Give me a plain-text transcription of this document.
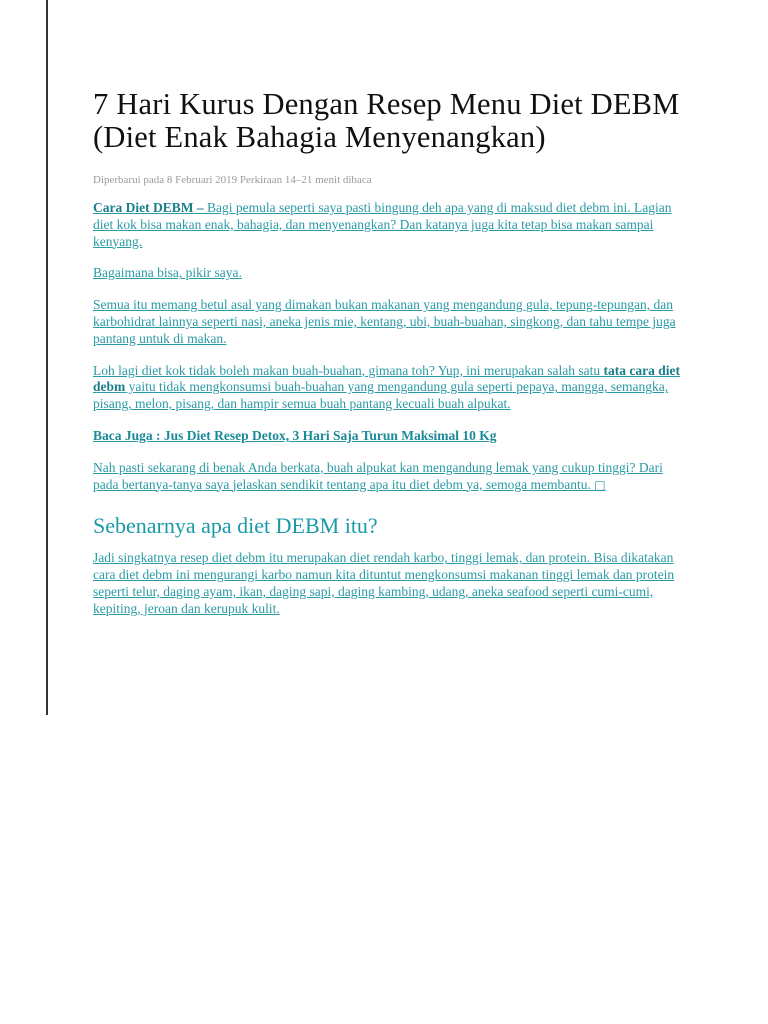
7 Hari Kurus Dengan Resep Menu Diet DEBM (Diet Enak Bahagia Menyenangkan)
Diperbarui pada 8 Februari 2019 Perkiraan 14–21 menit dibaca

Cara Diet DEBM – Bagi pemula seperti saya pasti bingung deh apa yang di maksud diet debm ini. Lagian diet kok bisa makan enak, bahagia, dan menyenangkan? Dan katanya juga kita tetap bisa makan sampai kenyang.

Bagaimana bisa, pikir saya.

Semua itu memang betul asal yang dimakan bukan makanan yang mengandung gula, tepung-tepungan, dan karbohidrat lainnya seperti nasi, aneka jenis mie, kentang, ubi, buah-buahan, singkong, dan tahu tempe juga pantang untuk di makan.

Loh lagi diet kok tidak boleh makan buah-buahan, gimana toh? Yup, ini merupakan salah satu tata cara diet debm yaitu tidak mengkonsumsi buah-buahan yang mengandung gula seperti pepaya, mangga, semangka, pisang, melon, pisang, dan hampir semua buah pantang kecuali buah alpukat.

Baca Juga : Jus Diet Resep Detox, 3 Hari Saja Turun Maksimal 10 Kg

Nah pasti sekarang di benak Anda berkata, buah alpukat kan mengandung lemak yang cukup tinggi? Dari pada bertanya-tanya saya jelaskan sendikit tentang apa itu diet debm ya, semoga membantu. □

Sebenarnya apa diet DEBM itu?

Jadi singkatnya resep diet debm itu merupakan diet rendah karbo, tinggi lemak, dan protein. Bisa dikatakan cara diet debm ini mengurangi karbo namun kita dituntut mengkonsumsi makanan tinggi lemak dan protein seperti telur, daging ayam, ikan, daging sapi, daging kambing, udang, aneka seafood seperti cumi-cumi, kepiting, jeroan dan kerupuk kulit.
